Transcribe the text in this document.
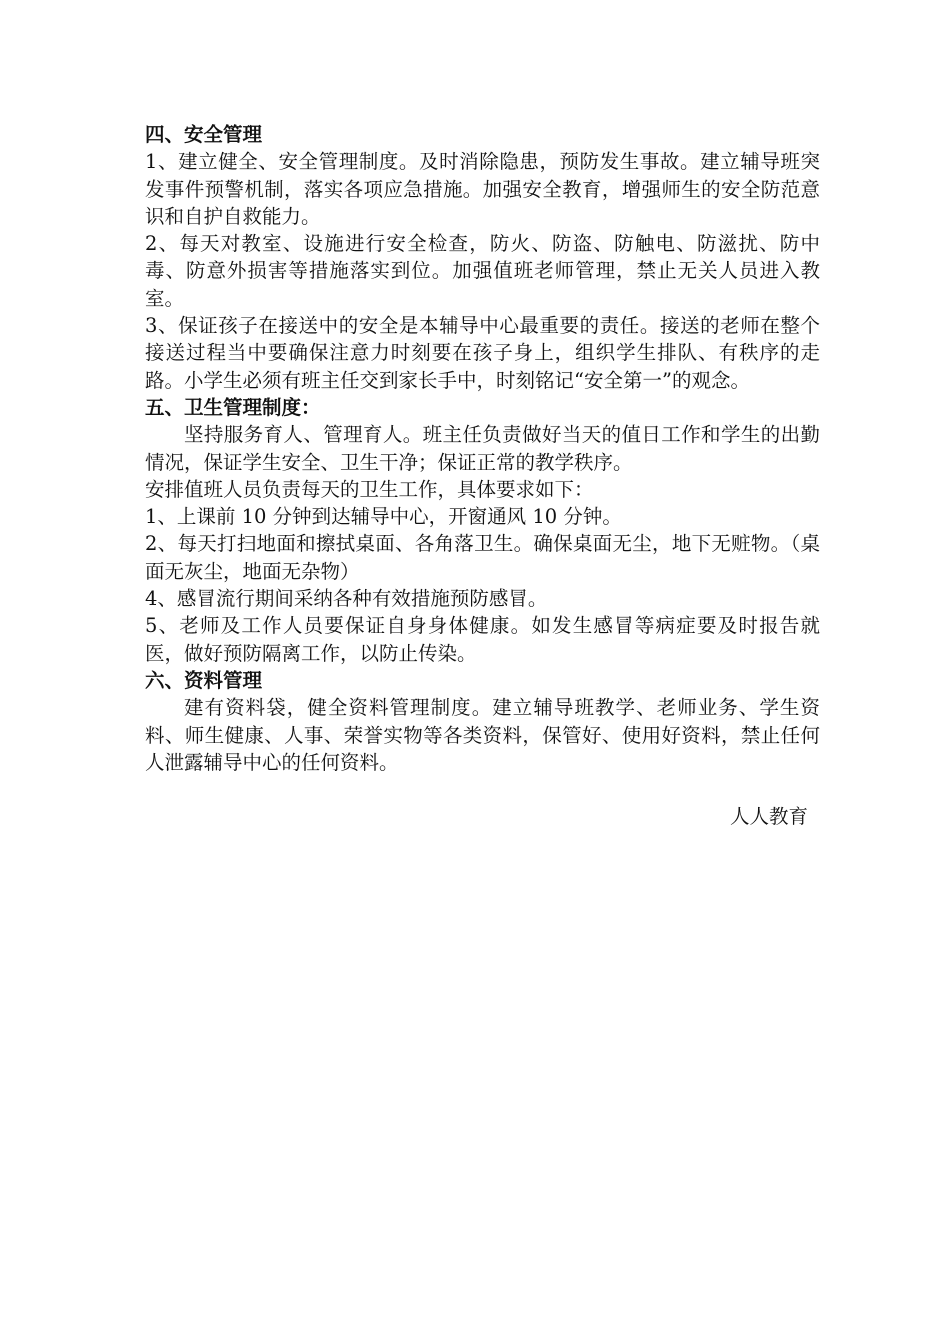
四、安全管理

1、建立健全、安全管理制度。及时消除隐患，预防发生事故。建立辅导班突发事件预警机制，落实各项应急措施。加强安全教育，增强师生的安全防范意识和自护自救能力。

2、每天对教室、设施进行安全检查，防火、防盗、防触电、防滋扰、防中毒、防意外损害等措施落实到位。加强值班老师管理，禁止无关人员进入教室。

3、保证孩子在接送中的安全是本辅导中心最重要的责任。接送的老师在整个接送过程当中要确保注意力时刻要在孩子身上，组织学生排队、有秩序的走路。小学生必须有班主任交到家长手中，时刻铭记“安全第一”的观念。

五、卫生管理制度：

坚持服务育人、管理育人。班主任负责做好当天的值日工作和学生的出勤情况，保证学生安全、卫生干净；保证正常的教学秩序。

安排值班人员负责每天的卫生工作，具体要求如下：

1、上课前 10 分钟到达辅导中心，开窗通风 10 分钟。

2、每天打扫地面和擦拭桌面、各角落卫生。确保桌面无尘，地下无赃物。（桌面无灰尘，地面无杂物）

4、感冒流行期间采纳各种有效措施预防感冒。

5、老师及工作人员要保证自身身体健康。如发生感冒等病症要及时报告就医，做好预防隔离工作，以防止传染。

六、资料管理

建有资料袋，健全资料管理制度。建立辅导班教学、老师业务、学生资料、师生健康、人事、荣誉实物等各类资料，保管好、使用好资料，禁止任何人泄露辅导中心的任何资料。

人人教育
